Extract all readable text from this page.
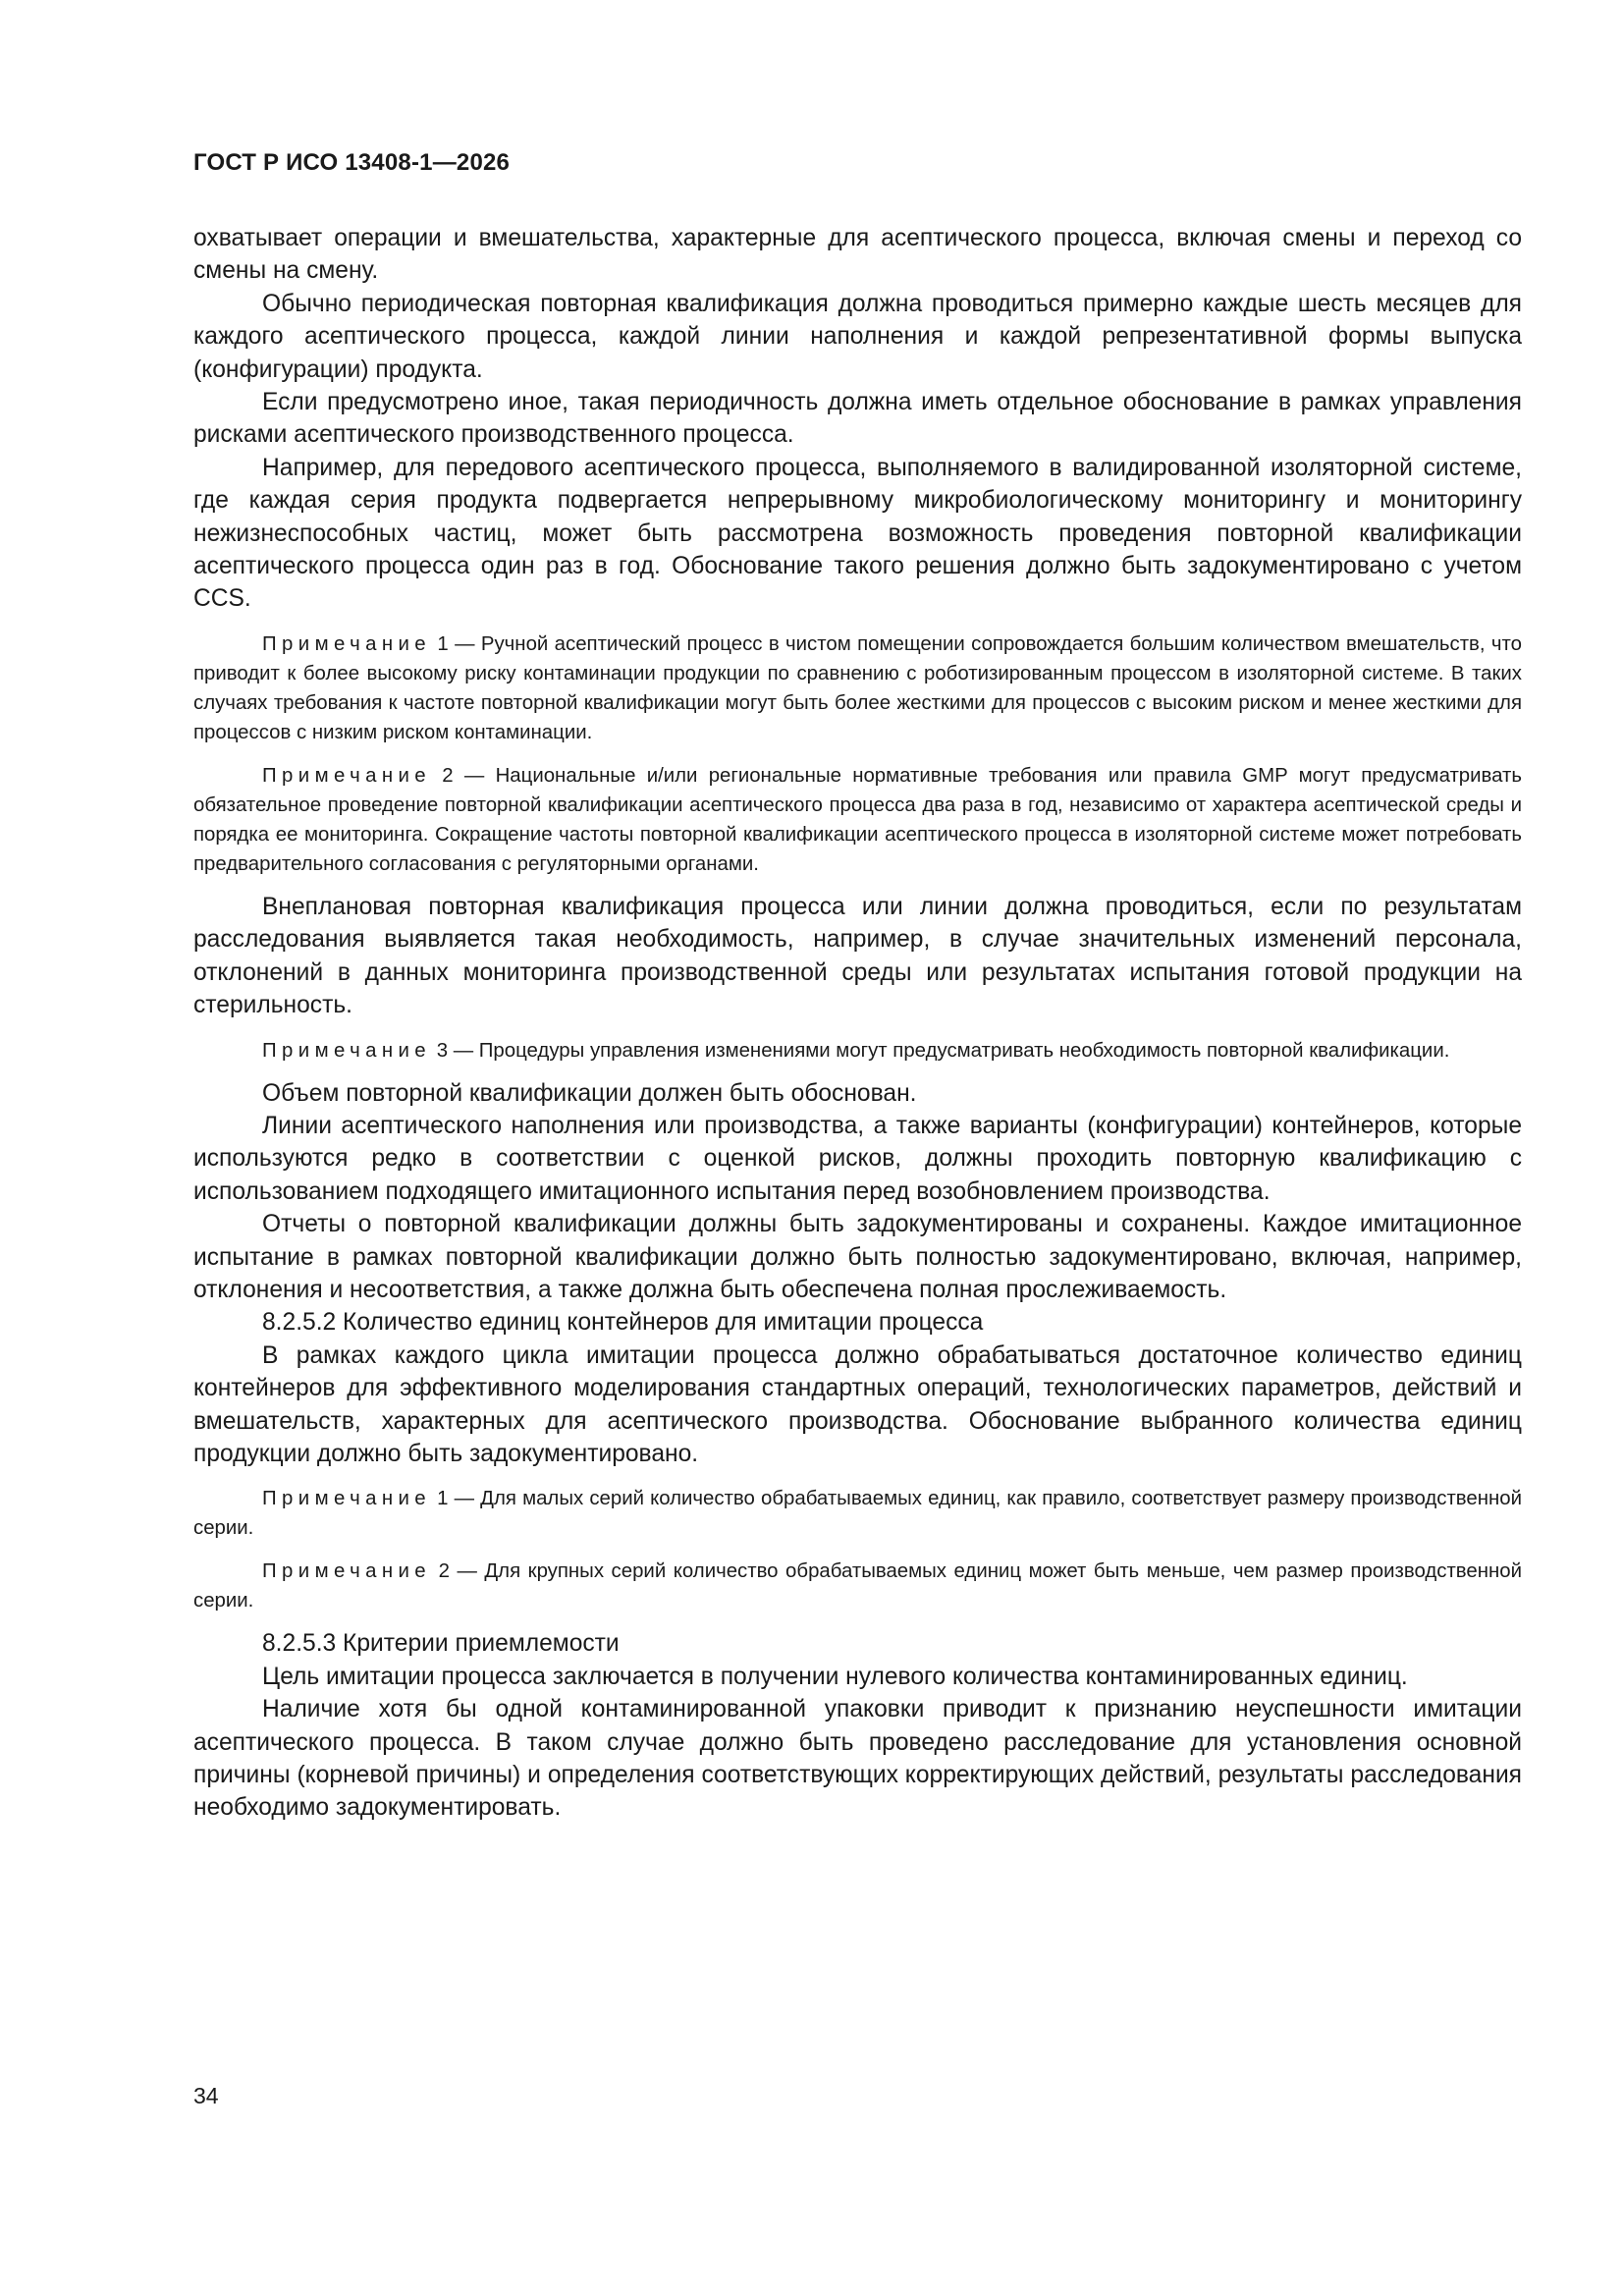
ГОСТ Р ИСО 13408-1—2026

охватывает операции и вмешательства, характерные для асептического процесса, включая смены и переход со смены на смену.

Обычно периодическая повторная квалификация должна проводиться примерно каждые шесть месяцев для каждого асептического процесса, каждой линии наполнения и каждой репрезентативной формы выпуска (конфигурации) продукта.

Если предусмотрено иное, такая периодичность должна иметь отдельное обоснование в рамках управления рисками асептического производственного процесса.

Например, для передового асептического процесса, выполняемого в валидированной изоляторной системе, где каждая серия продукта подвергается непрерывному микробиологическому мониторингу и мониторингу нежизнеспособных частиц, может быть рассмотрена возможность проведения повторной квалификации асептического процесса один раз в год. Обоснование такого решения должно быть задокументировано с учетом CCS.

Примечание 1 — Ручной асептический процесс в чистом помещении сопровождается большим количеством вмешательств, что приводит к более высокому риску контаминации продукции по сравнению с роботизированным процессом в изоляторной системе. В таких случаях требования к частоте повторной квалификации могут быть более жесткими для процессов с высоким риском и менее жесткими для процессов с низким риском контаминации.

Примечание 2 — Национальные и/или региональные нормативные требования или правила GMP могут предусматривать обязательное проведение повторной квалификации асептического процесса два раза в год, независимо от характера асептической среды и порядка ее мониторинга. Сокращение частоты повторной квалификации асептического процесса в изоляторной системе может потребовать предварительного согласования с регуляторными органами.

Внеплановая повторная квалификация процесса или линии должна проводиться, если по результатам расследования выявляется такая необходимость, например, в случае значительных изменений персонала, отклонений в данных мониторинга производственной среды или результатах испытания готовой продукции на стерильность.

Примечание 3 — Процедуры управления изменениями могут предусматривать необходимость повторной квалификации.

Объем повторной квалификации должен быть обоснован.

Линии асептического наполнения или производства, а также варианты (конфигурации) контейнеров, которые используются редко в соответствии с оценкой рисков, должны проходить повторную квалификацию с использованием подходящего имитационного испытания перед возобновлением производства.

Отчеты о повторной квалификации должны быть задокументированы и сохранены. Каждое имитационное испытание в рамках повторной квалификации должно быть полностью задокументировано, включая, например, отклонения и несоответствия, а также должна быть обеспечена полная прослеживаемость.

8.2.5.2 Количество единиц контейнеров для имитации процесса

В рамках каждого цикла имитации процесса должно обрабатываться достаточное количество единиц контейнеров для эффективного моделирования стандартных операций, технологических параметров, действий и вмешательств, характерных для асептического производства. Обоснование выбранного количества единиц продукции должно быть задокументировано.

Примечание 1 — Для малых серий количество обрабатываемых единиц, как правило, соответствует размеру производственной серии.

Примечание 2 — Для крупных серий количество обрабатываемых единиц может быть меньше, чем размер производственной серии.

8.2.5.3 Критерии приемлемости

Цель имитации процесса заключается в получении нулевого количества контаминированных единиц.

Наличие хотя бы одной контаминированной упаковки приводит к признанию неуспешности имитации асептического процесса. В таком случае должно быть проведено расследование для установления основной причины (корневой причины) и определения соответствующих корректирующих действий, результаты расследования необходимо задокументировать.

34
